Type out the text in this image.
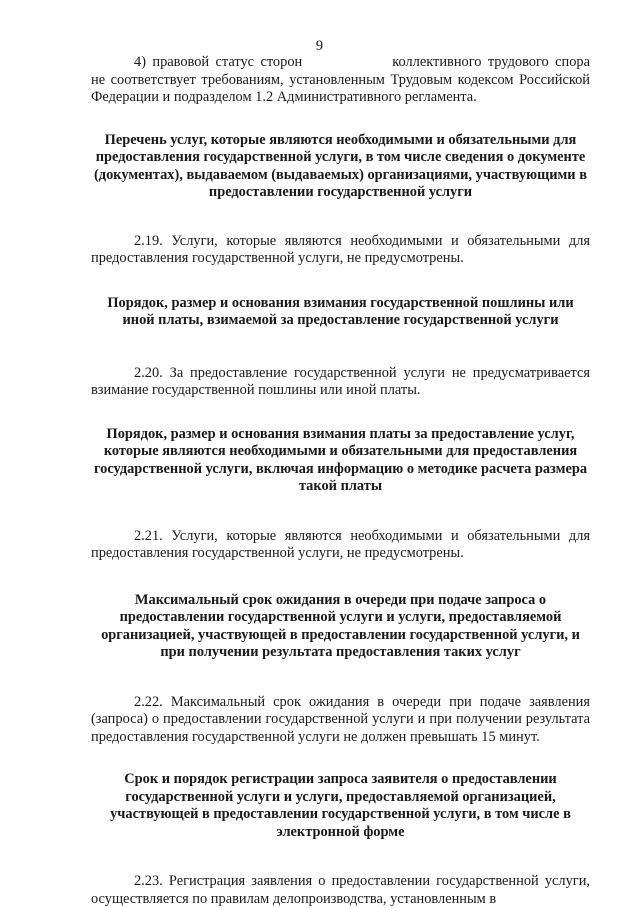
9

4) правовой статус сторон	коллективного трудового спора не соответствует требованиям, установленным Трудовым кодексом Российской Федерации и подразделом 1.2 Административного регламента.

Перечень услуг, которые являются необходимыми и обязательными для предоставления государственной услуги, в том числе сведения о документе (документах), выдаваемом (выдаваемых) организациями, участвующими в предоставлении государственной услуги

2.19. Услуги, которые являются необходимыми и обязательными для предоставления государственной услуги, не предусмотрены.

Порядок, размер и основания взимания государственной пошлины или иной платы, взимаемой за предоставление государственной услуги

2.20. За предоставление государственной услуги не предусматривается взимание государственной пошлины или иной платы.

Порядок, размер и основания взимания платы за предоставление услуг, которые являются необходимыми и обязательными для предоставления государственной услуги, включая информацию о методике расчета размера такой платы

2.21. Услуги, которые являются необходимыми и обязательными для предоставления государственной услуги, не предусмотрены.

Максимальный срок ожидания в очереди при подаче запроса о предоставлении государственной услуги и услуги, предоставляемой организацией, участвующей в предоставлении государственной услуги, и при получении результата предоставления таких услуг

2.22. Максимальный срок ожидания в очереди при подаче заявления (запроса) о предоставлении государственной услуги и при получении результата предоставления государственной услуги не должен превышать 15 минут.

Срок и порядок регистрации запроса заявителя о предоставлении государственной услуги и услуги, предоставляемой организацией, участвующей в предоставлении государственной услуги, в том числе в электронной форме

2.23. Регистрация заявления о предоставлении государственной услуги, осуществляется по правилам делопроизводства, установленным в
